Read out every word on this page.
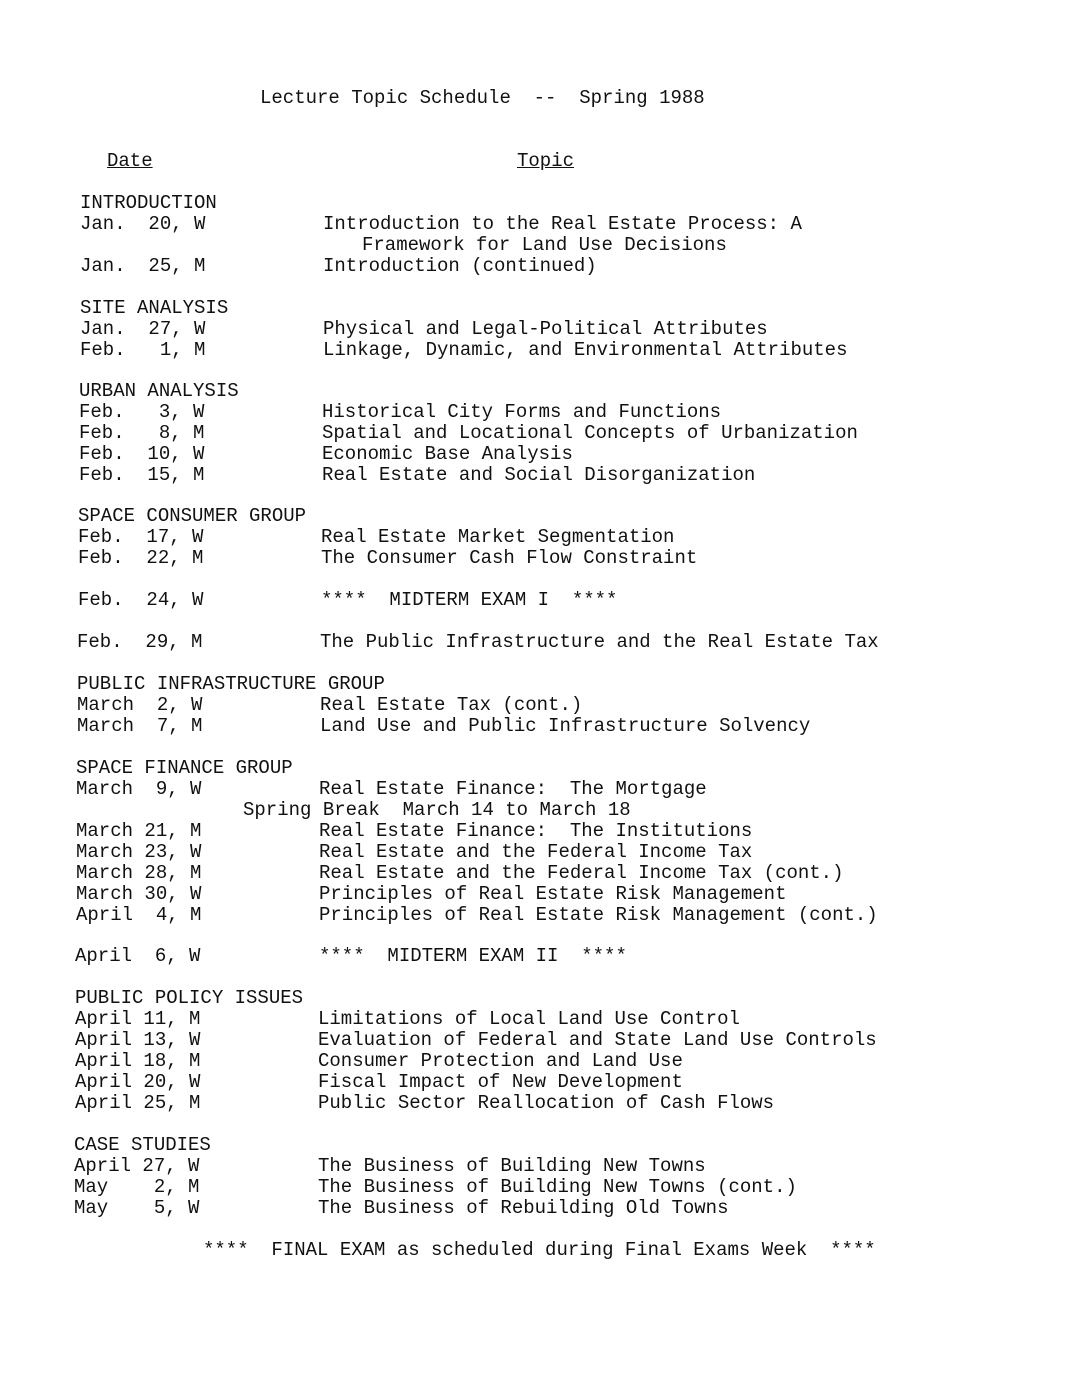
Lecture Topic Schedule  --  Spring 1988
Date	Topic
INTRODUCTION
Jan.  20, W	Introduction to the Real Estate Process: A
Framework for Land Use Decisions
Jan.  25, M	Introduction (continued)
SITE ANALYSIS
Jan.  27, W	Physical and Legal-Political Attributes
Feb.   1, M	Linkage, Dynamic, and Environmental Attributes
URBAN ANALYSIS
Feb.   3, W	Historical City Forms and Functions
Feb.   8, M	Spatial and Locational Concepts of Urbanization
Feb.  10, W	Economic Base Analysis
Feb.  15, M	Real Estate and Social Disorganization
SPACE CONSUMER GROUP
Feb.  17, W	Real Estate Market Segmentation
Feb.  22, M	The Consumer Cash Flow Constraint
Feb.  24, W	****  MIDTERM EXAM I  ****
Feb.  29, M	The Public Infrastructure and the Real Estate Tax
PUBLIC INFRASTRUCTURE GROUP
March  2, W	Real Estate Tax (cont.)
March  7, M	Land Use and Public Infrastructure Solvency
SPACE FINANCE GROUP
March  9, W	Real Estate Finance:  The Mortgage
Spring Break  March 14 to March 18
March 21, M	Real Estate Finance:  The Institutions
March 23, W	Real Estate and the Federal Income Tax
March 28, M	Real Estate and the Federal Income Tax (cont.)
March 30, W	Principles of Real Estate Risk Management
April  4, M	Principles of Real Estate Risk Management (cont.)
April  6, W	****  MIDTERM EXAM II  ****
PUBLIC POLICY ISSUES
April 11, M	Limitations of Local Land Use Control
April 13, W	Evaluation of Federal and State Land Use Controls
April 18, M	Consumer Protection and Land Use
April 20, W	Fiscal Impact of New Development
April 25, M	Public Sector Reallocation of Cash Flows
CASE STUDIES
April 27, W	The Business of Building New Towns
May    2, M	The Business of Building New Towns (cont.)
May    5, W	The Business of Rebuilding Old Towns
****  FINAL EXAM as scheduled during Final Exams Week  ****
